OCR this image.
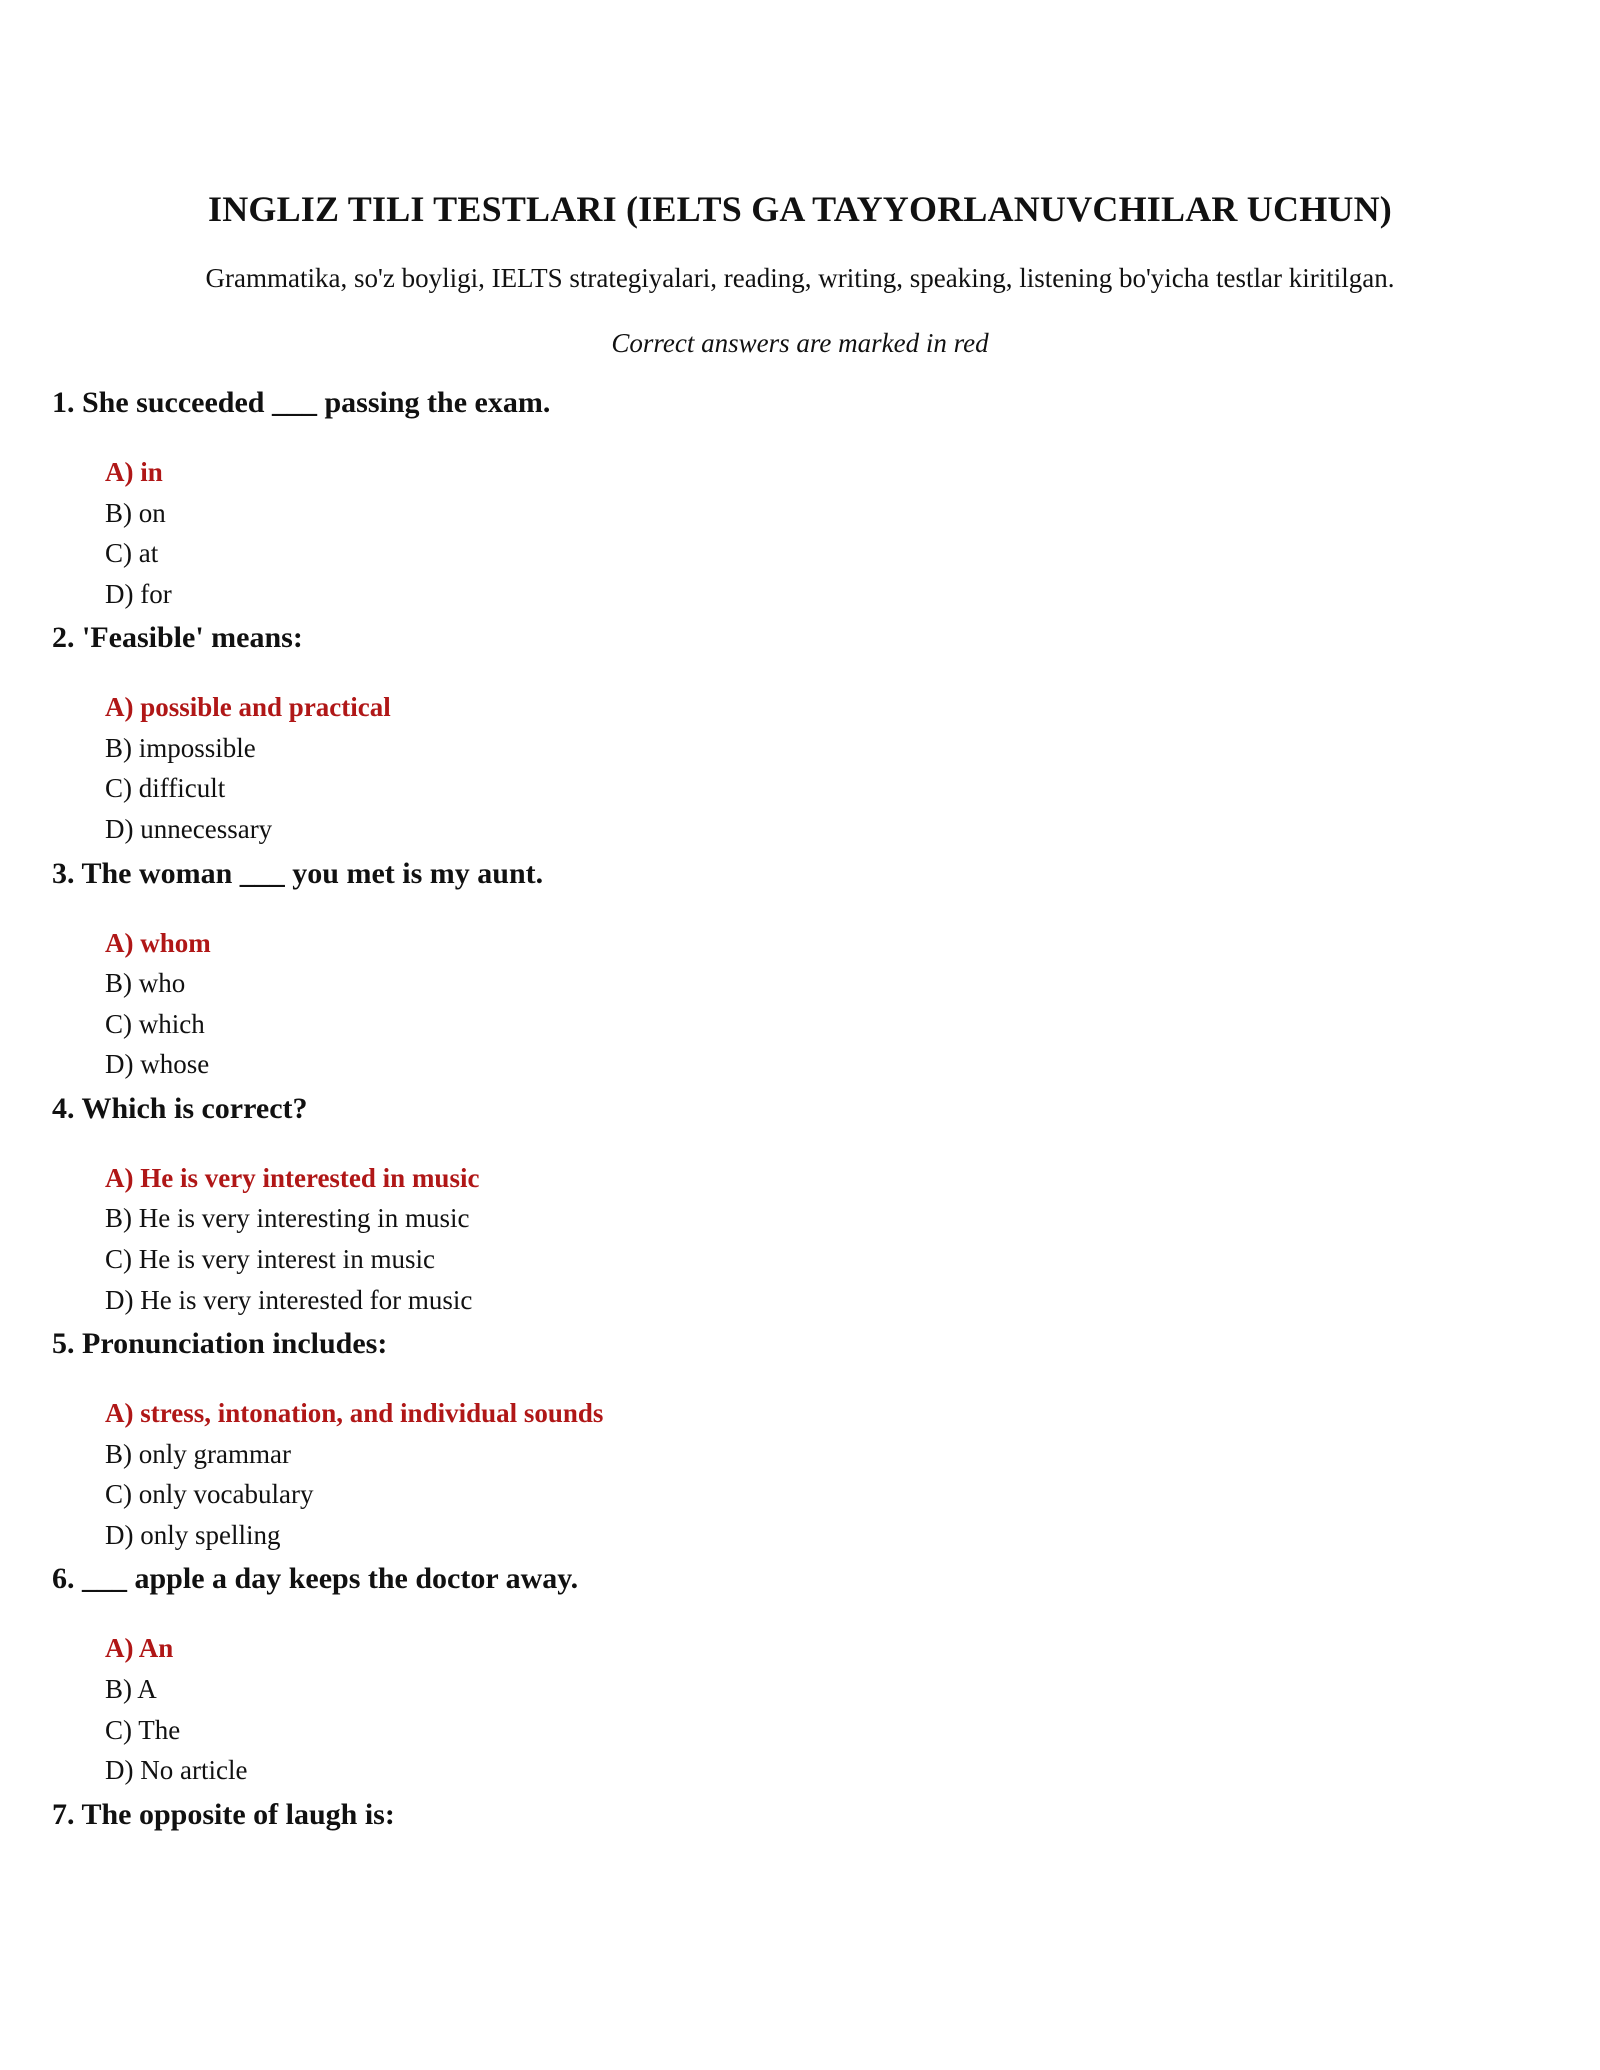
INGLIZ TILI TESTLARI (IELTS GA TAYYORLANUVCHILAR UCHUN)

Grammatika, so'z boyligi, IELTS strategiyalari, reading, writing, speaking, listening bo'yicha testlar kiritilgan.

Correct answers are marked in red

1. She succeeded ___ passing the exam.

A) in
B) on
C) at
D) for

2. 'Feasible' means:

A) possible and practical
B) impossible
C) difficult
D) unnecessary

3. The woman ___ you met is my aunt.

A) whom
B) who
C) which
D) whose

4. Which is correct?

A) He is very interested in music
B) He is very interesting in music
C) He is very interest in music
D) He is very interested for music

5. Pronunciation includes:

A) stress, intonation, and individual sounds
B) only grammar
C) only vocabulary
D) only spelling

6. ___ apple a day keeps the doctor away.

A) An
B) A
C) The
D) No article

7. The opposite of laugh is:
